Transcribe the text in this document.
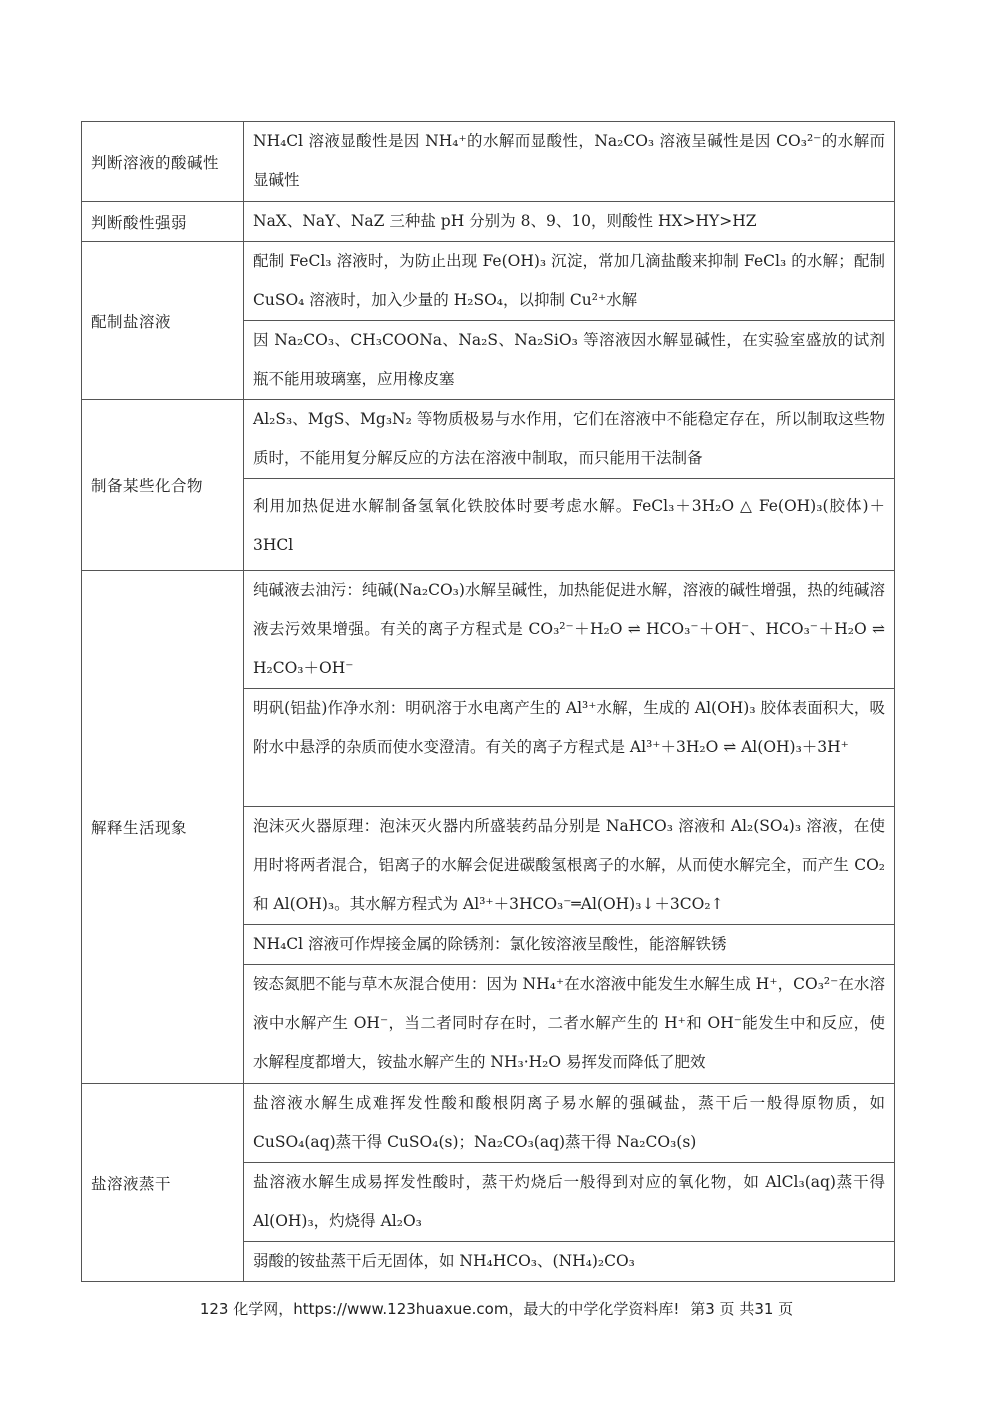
判断溶液的酸碱性	NH₄Cl 溶液显酸性是因 NH₄⁺的水解而显酸性，Na₂CO₃ 溶液呈碱性是因 CO₃²⁻的水解而显碱性
判断酸性强弱	NaX、NaY、NaZ 三种盐 pH 分别为 8、9、10，则酸性 HX>HY>HZ
配制盐溶液	配制 FeCl₃ 溶液时，为防止出现 Fe(OH)₃ 沉淀，常加几滴盐酸来抑制 FeCl₃ 的水解；配制 CuSO₄ 溶液时，加入少量的 H₂SO₄，以抑制 Cu²⁺水解
	因 Na₂CO₃、CH₃COONa、Na₂S、Na₂SiO₃ 等溶液因水解显碱性，在实验室盛放的试剂瓶不能用玻璃塞，应用橡皮塞
制备某些化合物	Al₂S₃、MgS、Mg₃N₂ 等物质极易与水作用，它们在溶液中不能稳定存在，所以制取这些物质时，不能用复分解反应的方法在溶液中制取，而只能用干法制备
	利用加热促进水解制备氢氧化铁胶体时要考虑水解。FeCl₃＋3H₂O △ Fe(OH)₃(胶体)＋3HCl
解释生活现象	纯碱液去油污：纯碱(Na₂CO₃)水解呈碱性，加热能促进水解，溶液的碱性增强，热的纯碱溶液去污效果增强。有关的离子方程式是 CO₃²⁻＋H₂O ⇌ HCO₃⁻＋OH⁻、HCO₃⁻＋H₂O ⇌ H₂CO₃＋OH⁻
	明矾(铝盐)作净水剂：明矾溶于水电离产生的 Al³⁺水解，生成的 Al(OH)₃ 胶体表面积大，吸附水中悬浮的杂质而使水变澄清。有关的离子方程式是 Al³⁺＋3H₂O ⇌ Al(OH)₃＋3H⁺
	泡沫灭火器原理：泡沫灭火器内所盛装药品分别是 NaHCO₃ 溶液和 Al₂(SO₄)₃ 溶液，在使用时将两者混合，铝离子的水解会促进碳酸氢根离子的水解，从而使水解完全，而产生 CO₂ 和 Al(OH)₃。其水解方程式为 Al³⁺＋3HCO₃⁻═Al(OH)₃↓＋3CO₂↑
	NH₄Cl 溶液可作焊接金属的除锈剂：氯化铵溶液呈酸性，能溶解铁锈
	铵态氮肥不能与草木灰混合使用：因为 NH₄⁺在水溶液中能发生水解生成 H⁺，CO₃²⁻在水溶液中水解产生 OH⁻，当二者同时存在时，二者水解产生的 H⁺和 OH⁻能发生中和反应，使水解程度都增大，铵盐水解产生的 NH₃·H₂O 易挥发而降低了肥效
盐溶液蒸干	盐溶液水解生成难挥发性酸和酸根阴离子易水解的强碱盐，蒸干后一般得原物质，如 CuSO₄(aq)蒸干得 CuSO₄(s)；Na₂CO₃(aq)蒸干得 Na₂CO₃(s)
	盐溶液水解生成易挥发性酸时，蒸干灼烧后一般得到对应的氧化物，如 AlCl₃(aq)蒸干得 Al(OH)₃，灼烧得 Al₂O₃
	弱酸的铵盐蒸干后无固体，如 NH₄HCO₃、(NH₄)₂CO₃
123 化学网，https://www.123huaxue.com，最大的中学化学资料库! 第3 页 共31 页
